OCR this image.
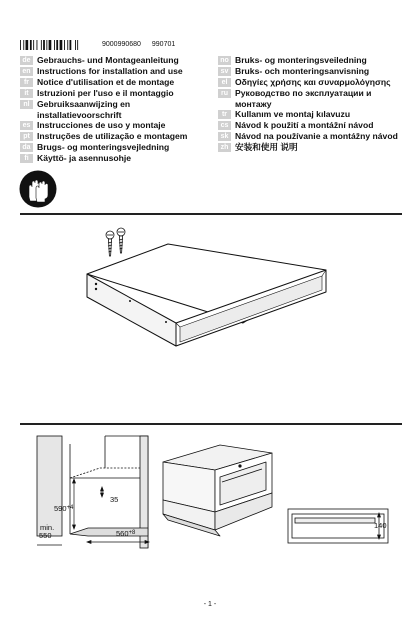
9000990680 990701
de Gebrauchs- und Montageanleitung
en Instructions for installation and use
fr Notice d'utilisation et de montage
it Istruzioni per l'uso e il montaggio
nl Gebruiksaanwijzing en installatievoorschrift
es Instrucciones de uso y montaje
pt Instruções de utilização e montagem
da Brugs- og monteringsvejledning
fi Käyttö- ja asennusohje
no Bruks- og monteringsveiledning
sv Bruks- och monteringsanvisning
el Οδηγίες χρήσης και συναρμολόγησης
ru Руководство по эксплуатации и монтажу
tr Kullanım ve montaj kılavuzu
cs Návod k použití a montážní návod
sk Návod na používanie a montážny návod
zh 安装和使用 说明
$590^{+4}$
35
min.
550	$560^{+8}$
140
- 1 -
